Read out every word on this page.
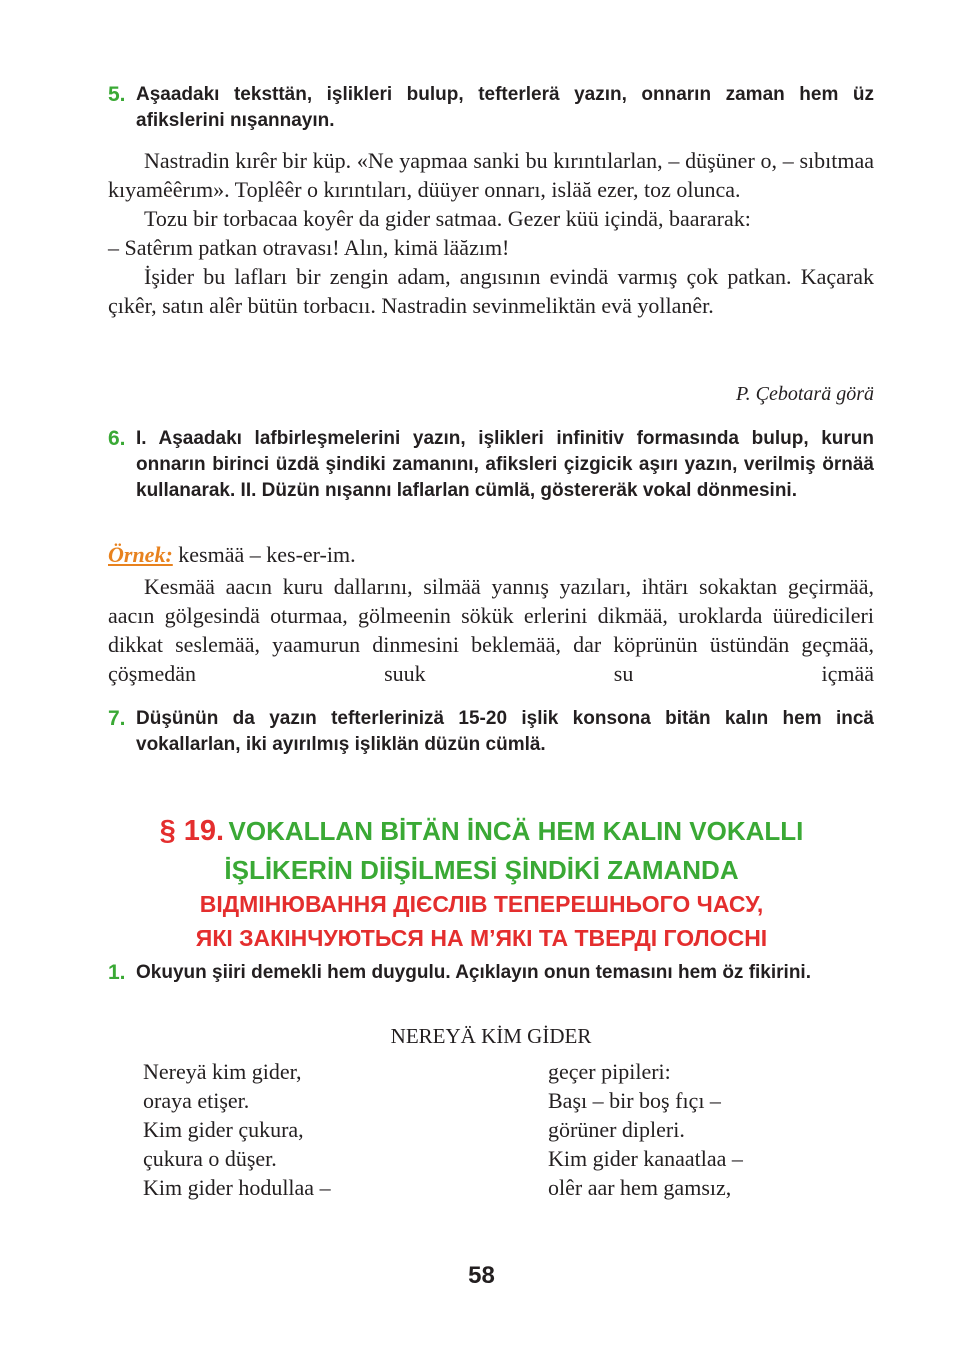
5. Aşaadakı teksttän, işlikleri bulup, tefterlerä yazın, onnarın zaman hem üz afikslerini nışannayın.

Nastradin kırêr bir küp. «Ne yapmaa sanki bu kırıntılarlan, – düşüner o, – sıbıtmaa kıyamêêrım». Toplêêr o kırıntıları, düüyer onnarı, isläă ezer, toz olunca.

Tozu bir torbacaa koyêr da gider satmaa. Gezer küü içindä, baararak:

– Satêrım patkan otravası! Alın, kimä läăzım!

İşider bu lafları bir zengin adam, angısının evindä varmış çok patkan. Kaçarak çıkêr, satın alêr bütün torbacıı. Nastradin sevinmeliktän evä yollanêr.

P. Çebotarä görä
6. I. Aşaadakı lafbirleşmelerini yazın, işlikleri infinitiv formasında bulup, kurun onnarın birinci üzdä şindiki zamanını, afiksleri çizgicik aşırı yazın, verilmiş örnää kullanarak. II. Düzün nışannı laflarlan cümlä, göstereräk vokal dönmesini.
Örnek: kesmää – kes-er-im.

Kesmää aacın kuru dallarını, silmää yannış yazıları, ihtärı sokaktan geçirmää, aacın gölgesindä oturmaa, gölmeenin sökük erlerini dikmää, uroklarda üüredicileri dikkat seslemää, yaamurun dinmesini beklemää, dar köprünün üstündän geçmää, çöşmedän suuk su içmää

7. Düşünün da yazın tefterlerinizä 15-20 işlik konsona bitän kalın hem incä vokallarlan, iki ayırılmış işliklän düzün cümlä.
§ 19. VOKALLAN BİTÄN İNCÄ HEM KALIN VOKALLI
İŞLİKERİN DİİŞİLMESİ ŞİNDİKİ ZAMANDA
ВІДМІНЮВАННЯ ДІЄСЛІВ ТЕПЕРЕШНЬОГО ЧАСУ,
ЯКІ ЗАКІНЧУЮТЬСЯ НА М’ЯКІ ТА ТВЕРДІ ГОЛОСНІ
1. Okuyun şiiri demekli hem duygulu. Açıklayın onun temasını hem öz fikirini.
NEREYÄ KİM GİDER
Nereyä kim gider,
oraya etişer.
Kim gider çukura,
çukura o düşer.
Kim gider hodullaa –
geçer pipileri:
Başı – bir boş fıçı –
görüner dipleri.
Kim gider kanaatlaa –
olêr aar hem gamsız,
58
